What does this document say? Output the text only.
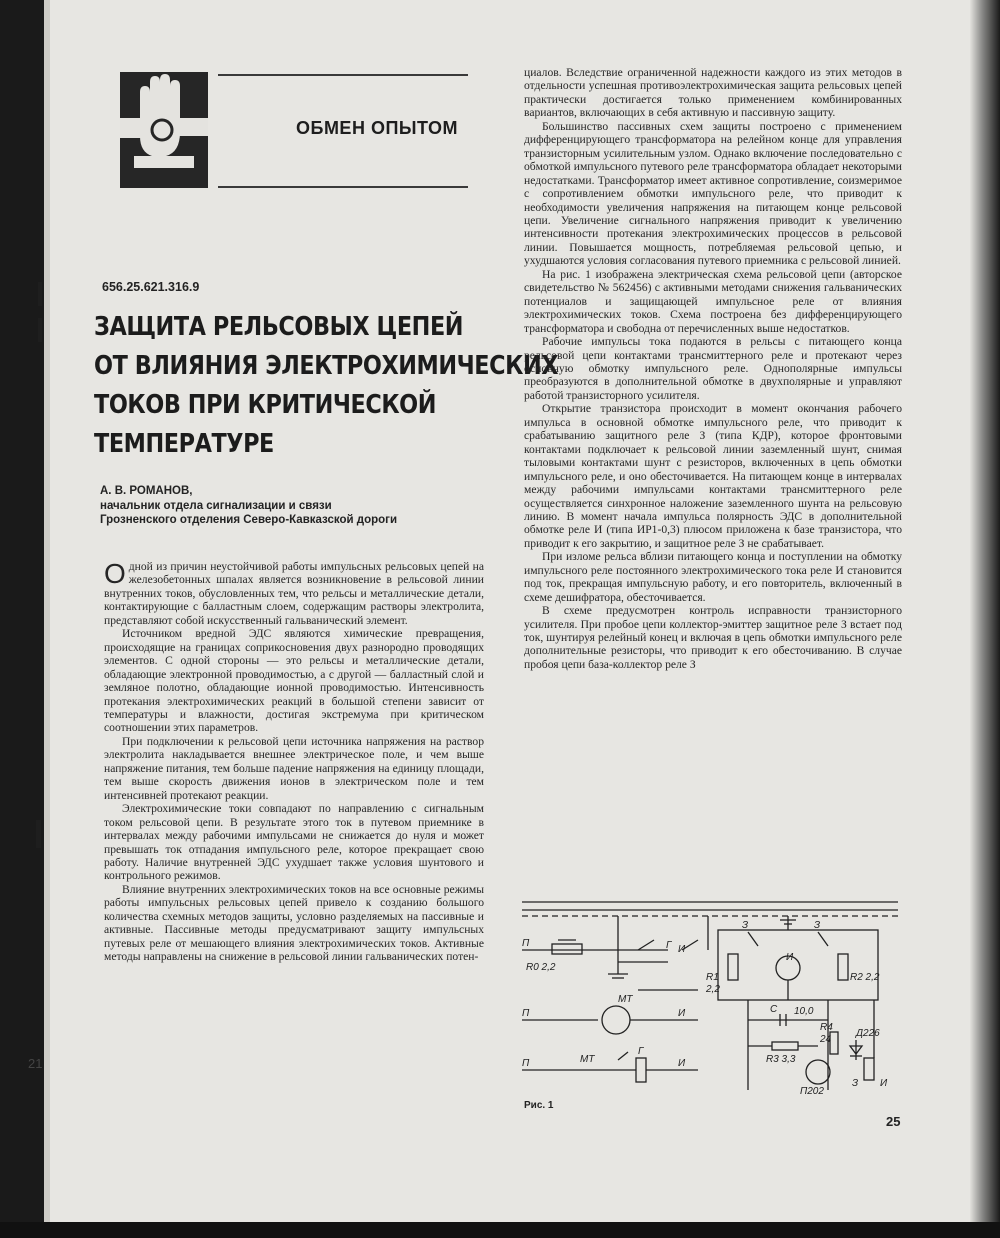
21
ОБМЕН ОПЫТОМ
656.25.621.316.9
ЗАЩИТА РЕЛЬСОВЫХ ЦЕПЕЙ
ОТ ВЛИЯНИЯ ЭЛЕКТРОХИМИЧЕСКИХ
ТОКОВ ПРИ КРИТИЧЕСКОЙ
ТЕМПЕРАТУРЕ
А. В. РОМАНОВ,
начальник отдела сигнализации и связи
Грозненского отделения Северо-Кавказской дороги

Одной из причин неустойчивой работы импульсных рельсовых цепей на железобетонных шпалах является возникновение в рельсовой линии внутренних токов, обусловленных тем, что рельсы и металлические детали, контактирующие с балластным слоем, содержащим растворы электролита, представляют собой искусственный гальванический элемент.

Источником вредной ЭДС являются химические превращения, происходящие на границах соприкосновения двух разнородно проводящих элементов. С одной стороны — это рельсы и металлические детали, обладающие электронной проводимостью, а с другой — балластный слой и земляное полотно, обладающие ионной проводимостью. Интенсивность протекания электрохимических реакций в большой степени зависит от температуры и влажности, достигая экстремума при критическом соотношении этих параметров.

При подключении к рельсовой цепи источника напряжения на раствор электролита накладывается внешнее электрическое поле, и чем выше напряжение питания, тем больше падение напряжения на единицу площади, тем выше скорость движения ионов в электрическом поле и тем интенсивней протекают реакции.

Электрохимические токи совпадают по направлению с сигнальным током рельсовой цепи. В результате этого ток в путевом приемнике в интервалах между рабочими импульсами не снижается до нуля и может превышать ток отпадания импульсного реле, которое прекращает свою работу. Наличие внутренней ЭДС ухудшает также условия шунтового и контрольного режимов.

Влияние внутренних электрохимических токов на все основные режимы работы импульсных рельсовых цепей привело к созданию большого количества схемных методов защиты, условно разделяемых на пассивные и активные. Пассивные методы предусматривают защиту импульсных путевых реле от мешающего влияния электрохимических токов. Активные методы направлены на снижение в рельсовой линии гальванических потен-

циалов. Вследствие ограниченной надежности каждого из этих методов в отдельности успешная противоэлектрохимическая защита рельсовых цепей практически достигается только применением комбинированных вариантов, включающих в себя активную и пассивную защиту.

Большинство пассивных схем защиты построено с применением дифференцирующего трансформатора на релейном конце для управления транзисторным усилительным узлом. Однако включение последовательно с обмоткой импульсного путевого реле трансформатора обладает некоторыми недостатками. Трансформатор имеет активное сопротивление, соизмеримое с сопротивлением обмотки импульсного реле, что приводит к необходимости увеличения напряжения на питающем конце рельсовой цепи. Увеличение сигнального напряжения приводит к увеличению интенсивности протекания электрохимических процессов в рельсовой линии. Повышается мощность, потребляемая рельсовой цепью, и ухудшаются условия согласования путевого приемника с рельсовой линией.

На рис. 1 изображена электрическая схема рельсовой цепи (авторское свидетельство № 562456) с активными методами снижения гальванических потенциалов и защищающей импульсное реле от влияния электрохимических токов. Схема построена без дифференцирующего трансформатора и свободна от перечисленных выше недостатков.

Рабочие импульсы тока подаются в рельсы с питающего конца рельсовой цепи контактами трансмиттерного реле и протекают через основную обмотку импульсного реле. Однополярные импульсы преобразуются в дополнительной обмотке в двухполярные и управляют работой транзисторного усилителя.

Открытие транзистора происходит в момент окончания рабочего импульса в основной обмотке импульсного реле, что приводит к срабатыванию защитного реле З (типа КДР), которое фронтовыми контактами подключает к рельсовой линии заземленный шунт, снимая тыловыми контактами шунт с резисторов, включенных в цепь обмотки импульсного реле, и оно обесточивается. На питающем конце в интервалах между рабочими импульсами контактами трансмиттерного реле осуществляется синхронное наложение заземленного шунта на рельсовую линию. В момент начала импульса полярность ЭДС в дополнительной обмотке реле И (типа ИР1-0,3) плюсом приложена к базе транзистора, что приводит к его закрытию, и защитное реле З не срабатывает.

При изломе рельса вблизи питающего конца и поступлении на обмотку импульсного реле постоянного электрохимического тока реле И становится под ток, прекращая импульсную работу, и его повторитель, включенный в схеме дешифратора, обесточивается.

В схеме предусмотрен контроль исправности транзисторного усилителя. При пробое цепи коллектор-эмиттер защитное реле З встает под ток, шунтируя релейный конец и включая в цепь обмотки импульсного реле дополнительные резисторы, что приводит к его обесточиванию. В случае пробоя цепи база-коллектор реле З

П
R0 2,2
Г И
П
МТ
И
П	МТ
Г
И
З	З
R1
2,2
R2 2,2
И
C 10,0
R3 3,3
R4
24
Д226
П202
З И
Рис. 1
25
